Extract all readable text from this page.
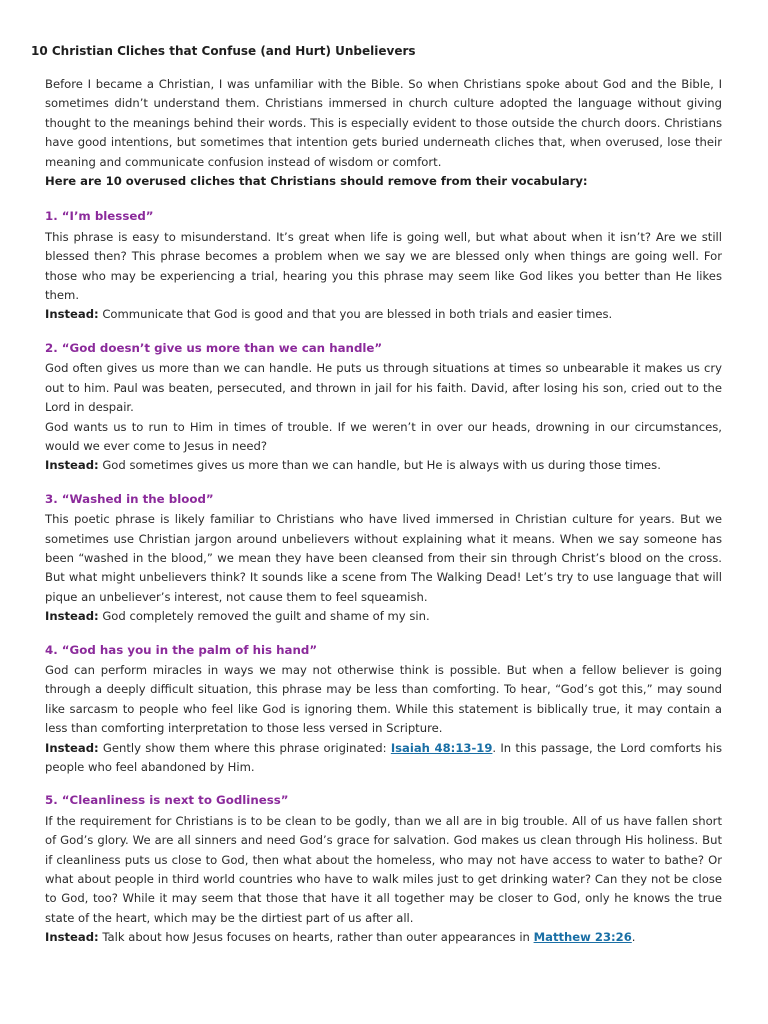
10 Christian Cliches that Confuse (and Hurt) Unbelievers

Before I became a Christian, I was unfamiliar with the Bible. So when Christians spoke about God and the Bible, I sometimes didn’t understand them. Christians immersed in church culture adopted the language without giving thought to the meanings behind their words. This is especially evident to those outside the church doors. Christians have good intentions, but sometimes that intention gets buried underneath cliches that, when overused, lose their meaning and communicate confusion instead of wisdom or comfort.

Here are 10 overused cliches that Christians should remove from their vocabulary:

1. “I’m blessed”

This phrase is easy to misunderstand. It’s great when life is going well, but what about when it isn’t? Are we still blessed then? This phrase becomes a problem when we say we are blessed only when things are going well. For those who may be experiencing a trial, hearing you this phrase may seem like God likes you better than He likes them.

Instead: Communicate that God is good and that you are blessed in both trials and easier times.

2. “God doesn’t give us more than we can handle”

God often gives us more than we can handle. He puts us through situations at times so unbearable it makes us cry out to him. Paul was beaten, persecuted, and thrown in jail for his faith. David, after losing his son, cried out to the Lord in despair.

God wants us to run to Him in times of trouble. If we weren’t in over our heads, drowning in our circumstances, would we ever come to Jesus in need?

Instead: God sometimes gives us more than we can handle, but He is always with us during those times.

3. “Washed in the blood”

This poetic phrase is likely familiar to Christians who have lived immersed in Christian culture for years. But we sometimes use Christian jargon around unbelievers without explaining what it means. When we say someone has been “washed in the blood,” we mean they have been cleansed from their sin through Christ’s blood on the cross. But what might unbelievers think? It sounds like a scene from The Walking Dead! Let’s try to use language that will pique an unbeliever’s interest, not cause them to feel squeamish.

Instead: God completely removed the guilt and shame of my sin.

4. “God has you in the palm of his hand”

God can perform miracles in ways we may not otherwise think is possible. But when a fellow believer is going through a deeply difficult situation, this phrase may be less than comforting. To hear, “God’s got this,” may sound like sarcasm to people who feel like God is ignoring them. While this statement is biblically true, it may contain a less than comforting interpretation to those less versed in Scripture.

Instead: Gently show them where this phrase originated: Isaiah 48:13-19. In this passage, the Lord comforts his people who feel abandoned by Him.

5. “Cleanliness is next to Godliness”

If the requirement for Christians is to be clean to be godly, than we all are in big trouble. All of us have fallen short of God’s glory. We are all sinners and need God’s grace for salvation. God makes us clean through His holiness. But if cleanliness puts us close to God, then what about the homeless, who may not have access to water to bathe? Or what about people in third world countries who have to walk miles just to get drinking water? Can they not be close to God, too? While it may seem that those that have it all together may be closer to God, only he knows the true state of the heart, which may be the dirtiest part of us after all.

Instead: Talk about how Jesus focuses on hearts, rather than outer appearances in Matthew 23:26.
